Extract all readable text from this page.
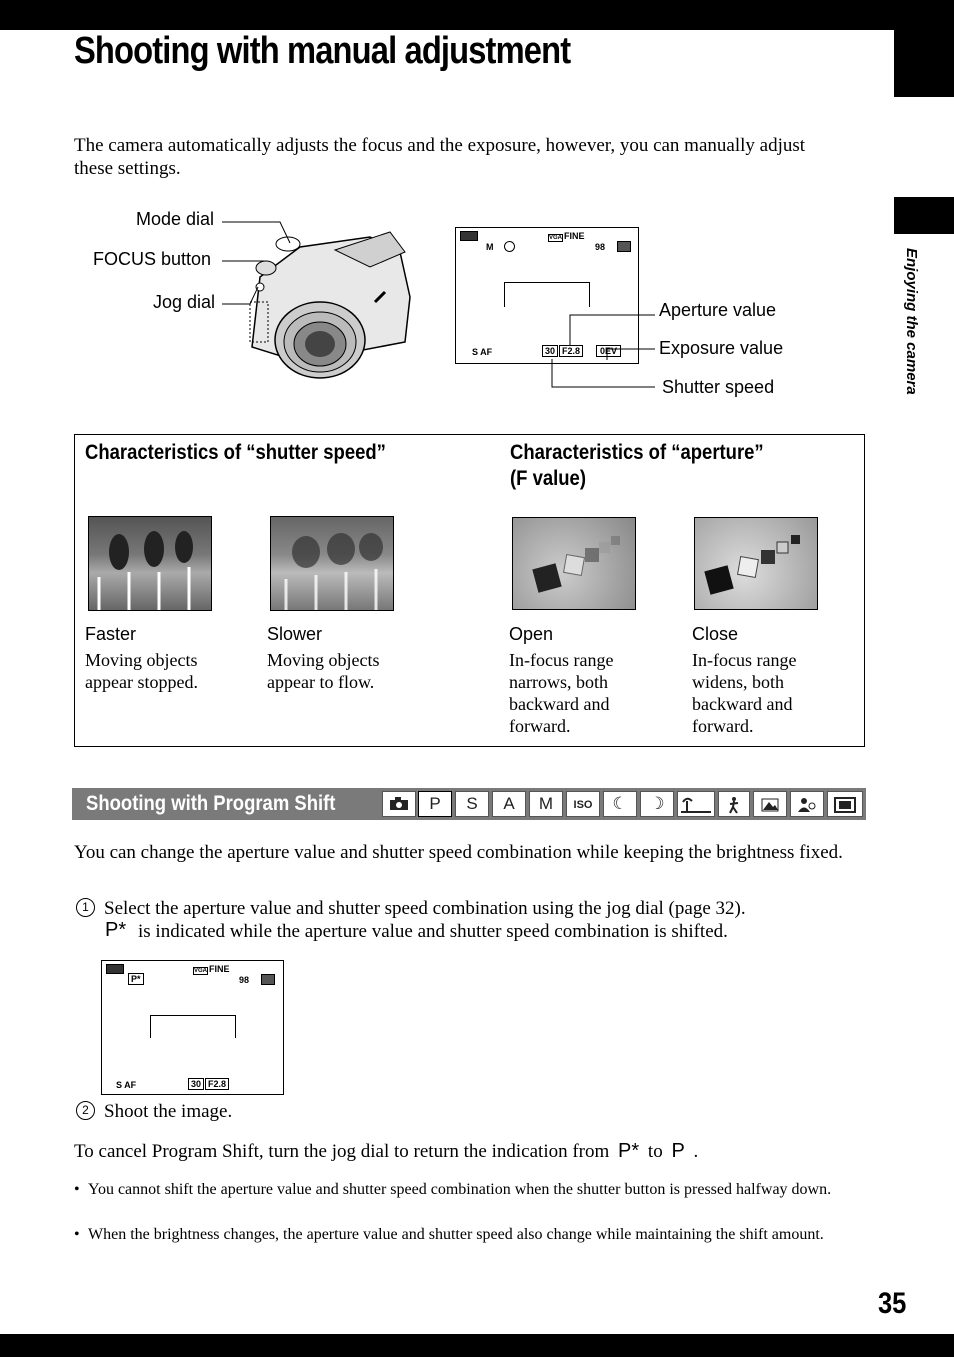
Enjoying the camera
Shooting with manual adjustment
The camera automatically adjusts the focus and the exposure, however, you can manually adjust these settings.
Mode dial
FOCUS button
Jog dial
M
VGA FINE
98
S AF	30 F2.8	0EV
Aperture value
Exposure value
Shutter speed
Characteristics of “shutter speed”	Characteristics of “aperture”
(F value)
Faster
Moving objects
appear stopped.
Slower
Moving objects
appear to flow.
Open
In-focus range
narrows, both
backward and
forward.
Close
In-focus range
widens, both
backward and
forward.
Shooting with Program Shift	P	S	A	M	ISO	☾	☽
You can change the aperture value and shutter speed combination while keeping the brightness fixed.
1 Select the aperture value and shutter speed combination using the jog dial (page 32).
P* is indicated while the aperture value and shutter speed combination is shifted.
P*
VGA FINE
98
S AF	30 F2.8
2 Shoot the image.
To cancel Program Shift, turn the jog dial to return the indication from P* to P .
• You cannot shift the aperture value and shutter speed combination when the shutter button is pressed halfway down.
• When the brightness changes, the aperture value and shutter speed also change while maintaining the shift amount.
35
